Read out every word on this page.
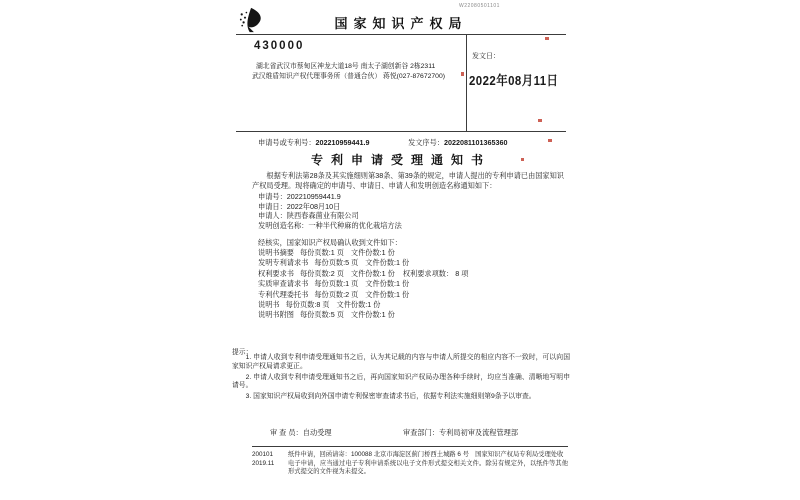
W22080501101
国家知识产权局
430000
湖北省武汉市蔡甸区神龙大道18号 南太子湖创新谷 2栋2311
武汉维盾知识产权代理事务所（普通合伙） 蒋悦(027-87672700)
发文日：
2022年08月11日
申请号或专利号：202210959441.9	发文序号：2022081101365360
专利申请受理通知书

根据专利法第28条及其实施细则第38条、第39条的规定，申请人提出的专利申请已由国家知识产权局受理。现将确定的申请号、申请日、申请人和发明创造名称通知如下：

申请号：202210959441.9
申请日：2022年08月10日
申请人：陕西春森菌业有限公司
发明创造名称：一种半代种麻的优化栽培方法
经核实，国家知识产权局确认收到文件如下：
说明书摘要 每份页数:1 页 文件份数:1 份
发明专利请求书 每份页数:5 页 文件份数:1 份
权利要求书 每份页数:2 页 文件份数:1 份 权利要求项数： 8 项
实质审查请求书 每份页数:1 页 文件份数:1 份
专利代理委托书 每份页数:2 页 文件份数:1 份
说明书 每份页数:8 页 文件份数:1 份
说明书附图 每份页数:5 页 文件份数:1 份
提示：

1. 申请人收到专利申请受理通知书之后，认为其记载的内容与申请人所提交的相应内容不一致时，可以向国家知识产权局请求更正。

2. 申请人收到专利申请受理通知书之后，再向国家知识产权局办理各种手续时，均应当准确、清晰地写明申请号。

3. 国家知识产权局收到向外国申请专利保密审查请求书后，依据专利法实施细则第9条予以审查。

审 查 员：自动受理	审查部门：专利局初审及流程管理部
200101	纸件申请，回函请寄：100088 北京市海淀区蓟门桥西土城路 6 号　国家知识产权局专利局受理处收
2019.11	电子申请，应当通过电子专利申请系统以电子文件形式提交相关文件。除另有规定外，以纸件等其他形式提交的文件视为未提交。
